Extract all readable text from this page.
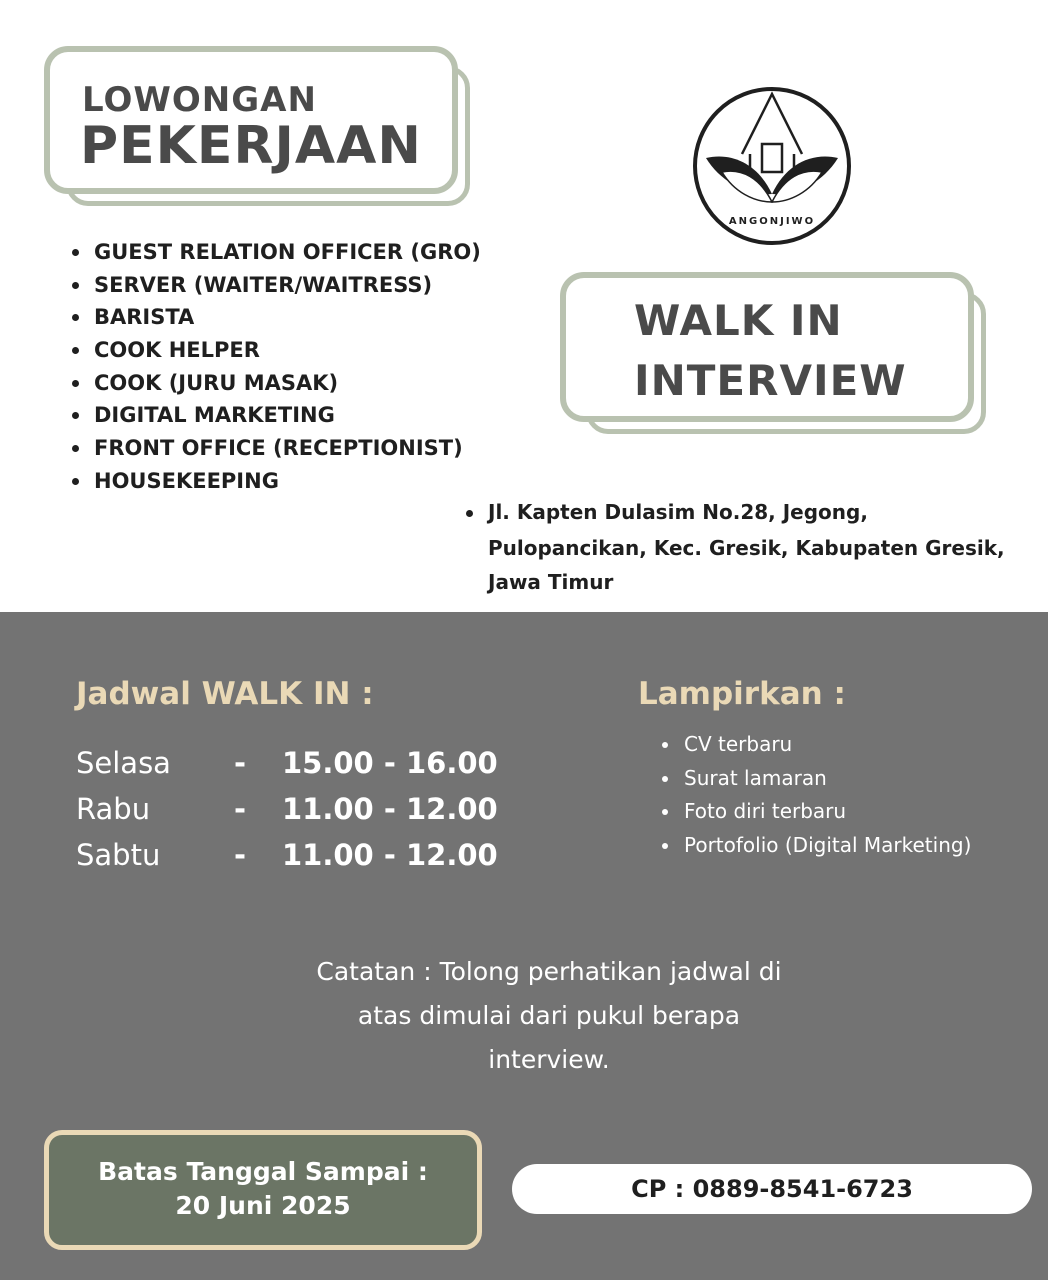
LOWONGAN
PEKERJAAN
ANGONJIWO
GUEST RELATION OFFICER (GRO)
SERVER (WAITER/WAITRESS)
BARISTA
COOK HELPER
COOK (JURU MASAK)
DIGITAL MARKETING
FRONT OFFICE (RECEPTIONIST)
HOUSEKEEPING
WALK IN
INTERVIEW
Jl. Kapten Dulasim No.28, Jegong,
Pulopancikan, Kec. Gresik, Kabupaten Gresik,
Jawa Timur
Jadwal WALK IN :
Selasa - 15.00 - 16.00
Rabu	- 11.00 - 12.00
Sabtu	- 11.00 - 12.00
Lampirkan :
CV terbaru
Surat lamaran
Foto diri terbaru
Portofolio (Digital Marketing)
Catatan : Tolong perhatikan jadwal di
atas dimulai dari pukul berapa
interview.
Batas Tanggal Sampai :
20 Juni 2025
CP : 0889-8541-6723
